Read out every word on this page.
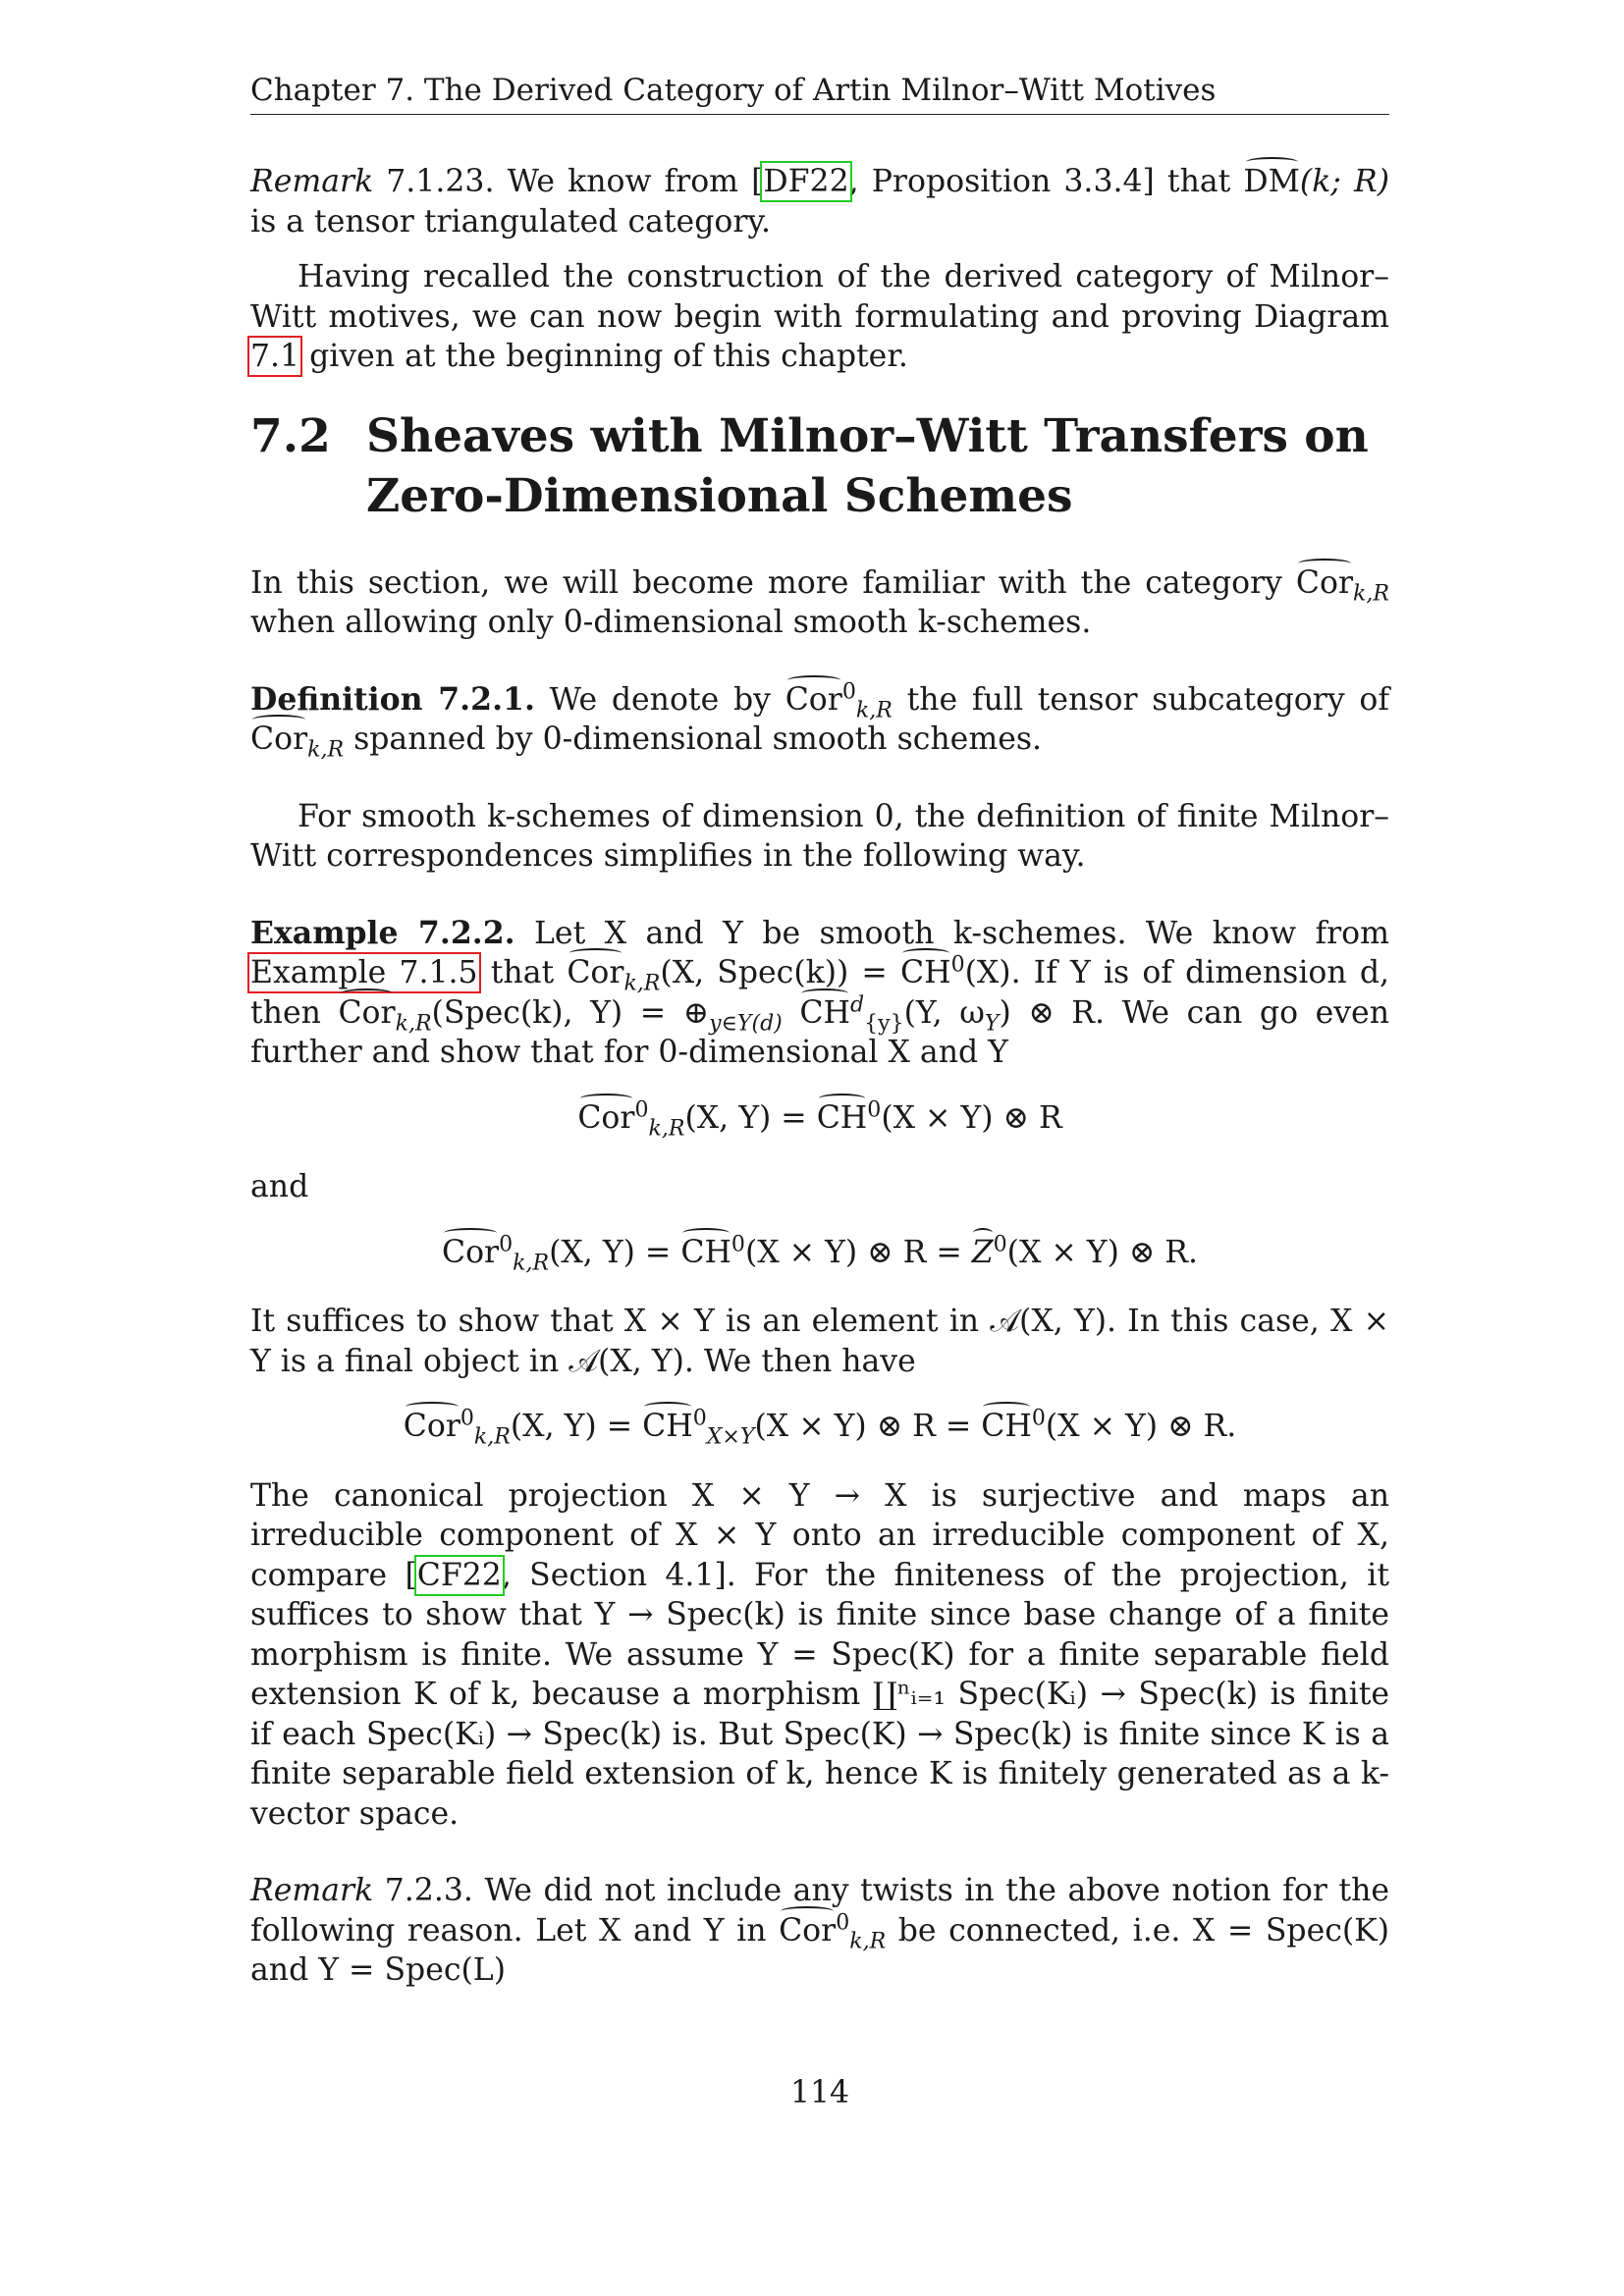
Chapter 7. The Derived Category of Artin Milnor–Witt Motives

Remark 7.1.23. We know from [DF22, Proposition 3.3.4] that DM(k; R) is a tensor triangulated category.

Having recalled the construction of the derived category of Milnor–Witt motives, we can now begin with formulating and proving Diagram 7.1 given at the beginning of this chapter.

7.2 Sheaves with Milnor–Witt Transfers on Zero-Dimensional Schemes

In this section, we will become more familiar with the category Cor$_{k,R}$ when allowing only 0-dimensional smooth k-schemes.

Definition 7.2.1. We denote by Cor$^0_{k,R}$ the full tensor subcategory of Cor$_{k,R}$ spanned by 0-dimensional smooth schemes.

For smooth k-schemes of dimension 0, the definition of finite Milnor–Witt correspondences simplifies in the following way.

Example 7.2.2. Let X and Y be smooth k-schemes. We know from Example 7.1.5 that Cor$_{k,R}$(X, Spec(k)) = $CH^0(X)$. If Y is of dimension d, then Cor$_{k,R}$(Spec(k), $Y) = \oplus_{y\in Y(d)}$ $CH^d_{\{y\}}(Y$, $\omega_Y$) ⊗ R. We can go even further and show that for 0-dimensional X and Y

Cor$^0_{k,R}$(X, $Y) = CH^0(X \times Y)$ ⊗ R

and

Cor$^0_{k,R}$(X, $Y) = CH^0(X \times Y)$ ⊗ $R = Z^0(X \times Y)$ ⊗ R.

It suffices to show that X × Y is an element in 𝒜(X, Y). In this case, X × Y is a final object in 𝒜(X, Y). We then have

Cor$^0_{k,R}$(X, $Y) = CH^0_{X\times Y}(X \times Y)$ ⊗ $R = CH^0(X \times Y)$ ⊗ R.

The canonical projection X × Y → X is surjective and maps an irreducible component of X × Y onto an irreducible component of X, compare [CF22, Section 4.1]. For the finiteness of the projection, it suffices to show that Y → Spec(k) is finite since base change of a finite morphism is finite. We assume Y = Spec(K) for a finite separable field extension K of k, because a morphism ∐ⁿᵢ₌₁ Spec(Kᵢ) → Spec(k) is finite if each Spec(Kᵢ) → Spec(k) is. But Spec(K) → Spec(k) is finite since K is a finite separable field extension of k, hence K is finitely generated as a k-vector space.

Remark 7.2.3. We did not include any twists in the above notion for the following reason. Let X and Y in Cor$^0_{k,R}$ be connected, i.e. X = Spec(K) and Y = Spec(L)

114
